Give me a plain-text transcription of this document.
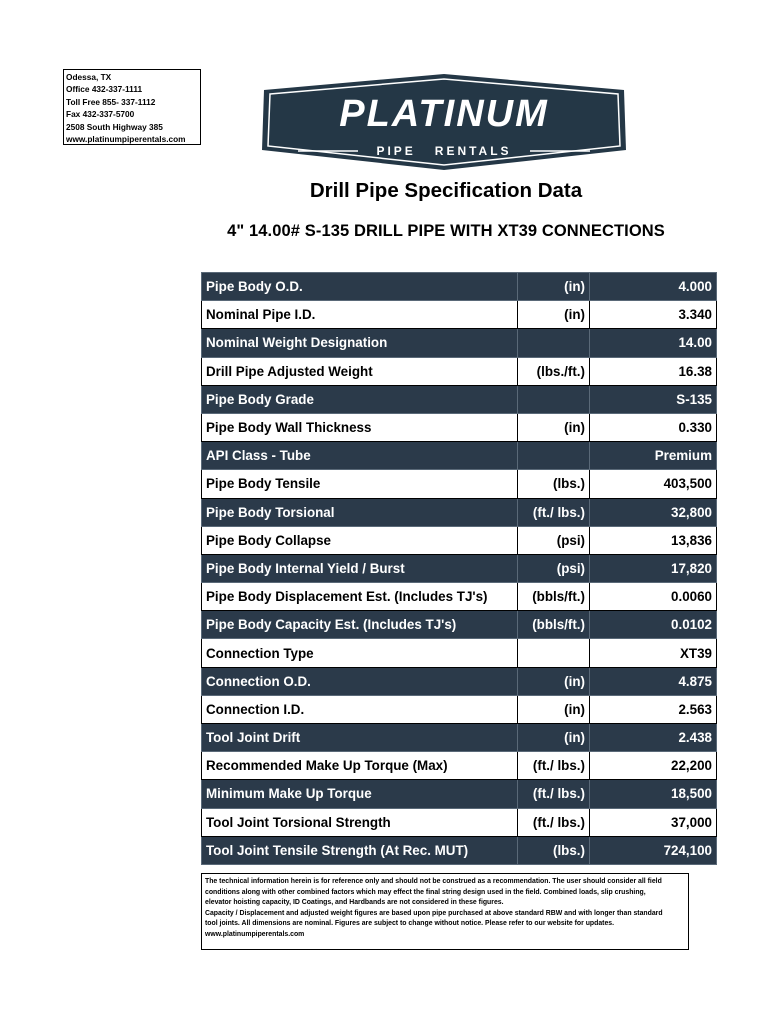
Odessa, TX
Office 432-337-1111
Toll Free 855- 337-1112
Fax 432-337-5700
2508 South Highway 385
www.platinumpiperentals.com
PLATINUM
PIPE   RENTALS
Drill Pipe Specification Data
4" 14.00# S-135 DRILL PIPE WITH XT39 CONNECTIONS
Pipe Body O.D.	(in)	4.000
Nominal Pipe I.D.	(in)	3.340
Nominal Weight Designation		14.00
Drill Pipe Adjusted Weight	(lbs./ft.)	16.38
Pipe Body Grade		S-135
Pipe Body Wall Thickness	(in)	0.330
API Class - Tube		Premium
Pipe Body Tensile	(lbs.)	403,500
Pipe Body Torsional	(ft./ lbs.)	32,800
Pipe Body Collapse	(psi)	13,836
Pipe Body Internal Yield / Burst	(psi)	17,820
Pipe Body Displacement Est. (Includes TJ's)	(bbls/ft.)	0.0060
Pipe Body Capacity Est. (Includes TJ's)	(bbls/ft.)	0.0102
Connection Type		XT39
Connection O.D.	(in)	4.875
Connection I.D.	(in)	2.563
Tool Joint Drift	(in)	2.438
Recommended Make Up Torque (Max)	(ft./ lbs.)	22,200
Minimum Make Up Torque	(ft./ lbs.)	18,500
Tool Joint Torsional Strength	(ft./ lbs.)	37,000
Tool Joint Tensile Strength (At Rec. MUT)	(lbs.)	724,100
The technical information herein is for reference only and should not be construed as a recommendation. The user should consider all field
conditions along with other combined factors which may effect the final string design used in the field. Combined loads, slip crushing,
elevator hoisting capacity, ID Coatings, and Hardbands are not considered in these figures.
Capacity / Displacement and adjusted weight figures are based upon pipe purchased at above standard RBW and with longer than standard
tool joints. All dimensions are nominal. Figures are subject to change without notice. Please refer to our website for updates.
www.platinumpiperentals.com
